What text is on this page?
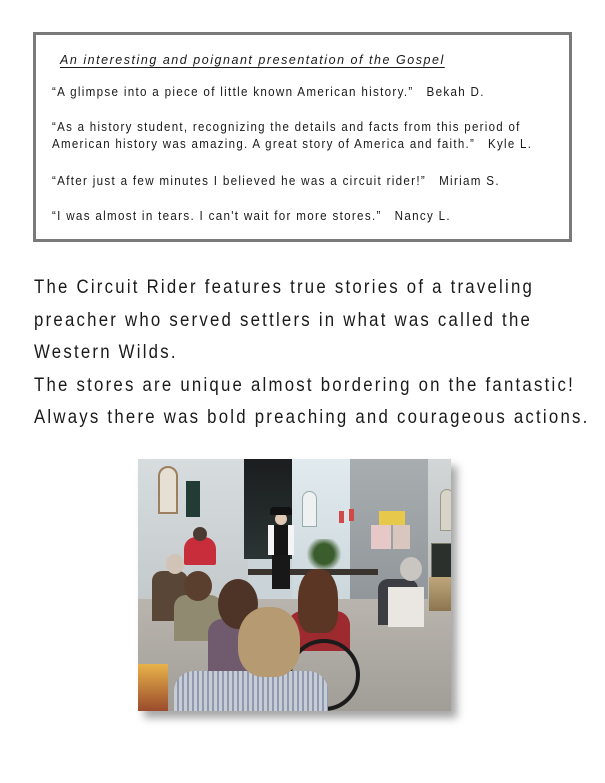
An interesting and poignant presentation of the Gospel
“A glimpse into a piece of little known American history.” Bekah D.
“As a history student, recognizing the details and facts from this period of
American history was amazing. A great story of America and faith.” Kyle L.
“After just a few minutes I believed he was a circuit rider!” Miriam S.
“I was almost in tears. I can't wait for more stores.” Nancy L.
The Circuit Rider features true stories of a traveling
preacher who served settlers in what was called the
Western Wilds.
The stores are unique almost bordering on the fantastic!
Always there was bold preaching and courageous actions.
